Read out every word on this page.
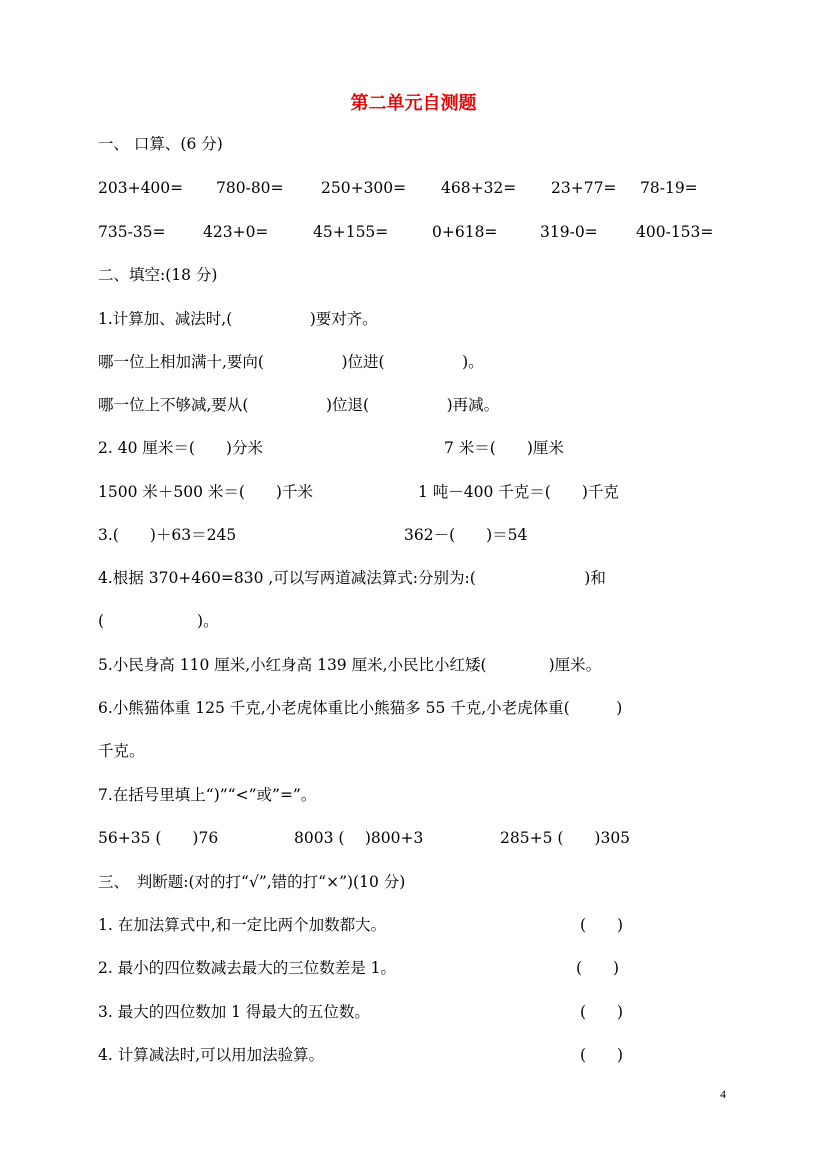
第二单元自测题
一、 口算、(6 分)
203+400= 780-80= 250+300= 468+32= 23+77= 78-19=
735-35= 423+0=	45+155=	0+618=	319-0= 400-153=
二、填空:(18 分)
1.计算加、减法时,(　　　　　)要对齐。
哪一位上相加满十,要向(　　　　　)位进(　　　　　)。
哪一位上不够减,要从(　　　　　)位退(　　　　　)再减。
2. 40 厘米＝(　　)分米	7 米＝(　　)厘米
1500 米＋500 米＝(　　)千米	1 吨－400 千克＝(　　)千克
3.(　　)＋63＝245	362－(　　)＝54
4.根据 370+460=830 ,可以写两道减法算式:分别为:(　　　　　　　)和
(　　　　　　)。
5.小民身高 110 厘米,小红身高 139 厘米,小民比小红矮(　　　　)厘米。
6.小熊猫体重 125 千克,小老虎体重比小熊猫多 55 千克,小老虎体重(　　　)
千克。
7.在括号里填上“)”“<”或”=”。
56+35 (　　)76	8003 (　 )800+3	285+5 (　　)305
三、　判断题:(对的打“√”,错的打“×”)(10 分)
1. 在加法算式中,和一定比两个加数都大。	(　　)
2. 最小的四位数减去最大的三位数差是 1。	(　　)
3. 最大的四位数加 1 得最大的五位数。	(　　)
4. 计算减法时,可以用加法验算。	(　　)
4
